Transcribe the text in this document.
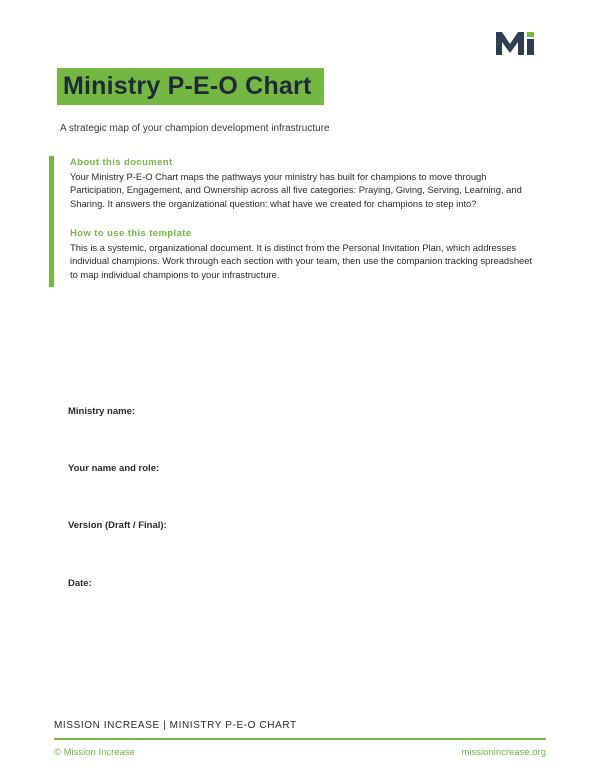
Ministry P-E-O Chart
A strategic map of your champion development infrastructure

About this document

Your Ministry P-E-O Chart maps the pathways your ministry has built for champions to move through Participation, Engagement, and Ownership across all five categories: Praying, Giving, Serving, Learning, and Sharing. It answers the organizational question: what have we created for champions to step into?

How to use this template

This is a systemic, organizational document. It is distinct from the Personal Invitation Plan, which addresses individual champions. Work through each section with your team, then use the companion tracking spreadsheet to map individual champions to your infrastructure.

Ministry name:
Your name and role:
Version (Draft / Final):
Date:
MISSION INCREASE | MINISTRY P-E-O CHART
© Mission Increase	missionincrease.org
